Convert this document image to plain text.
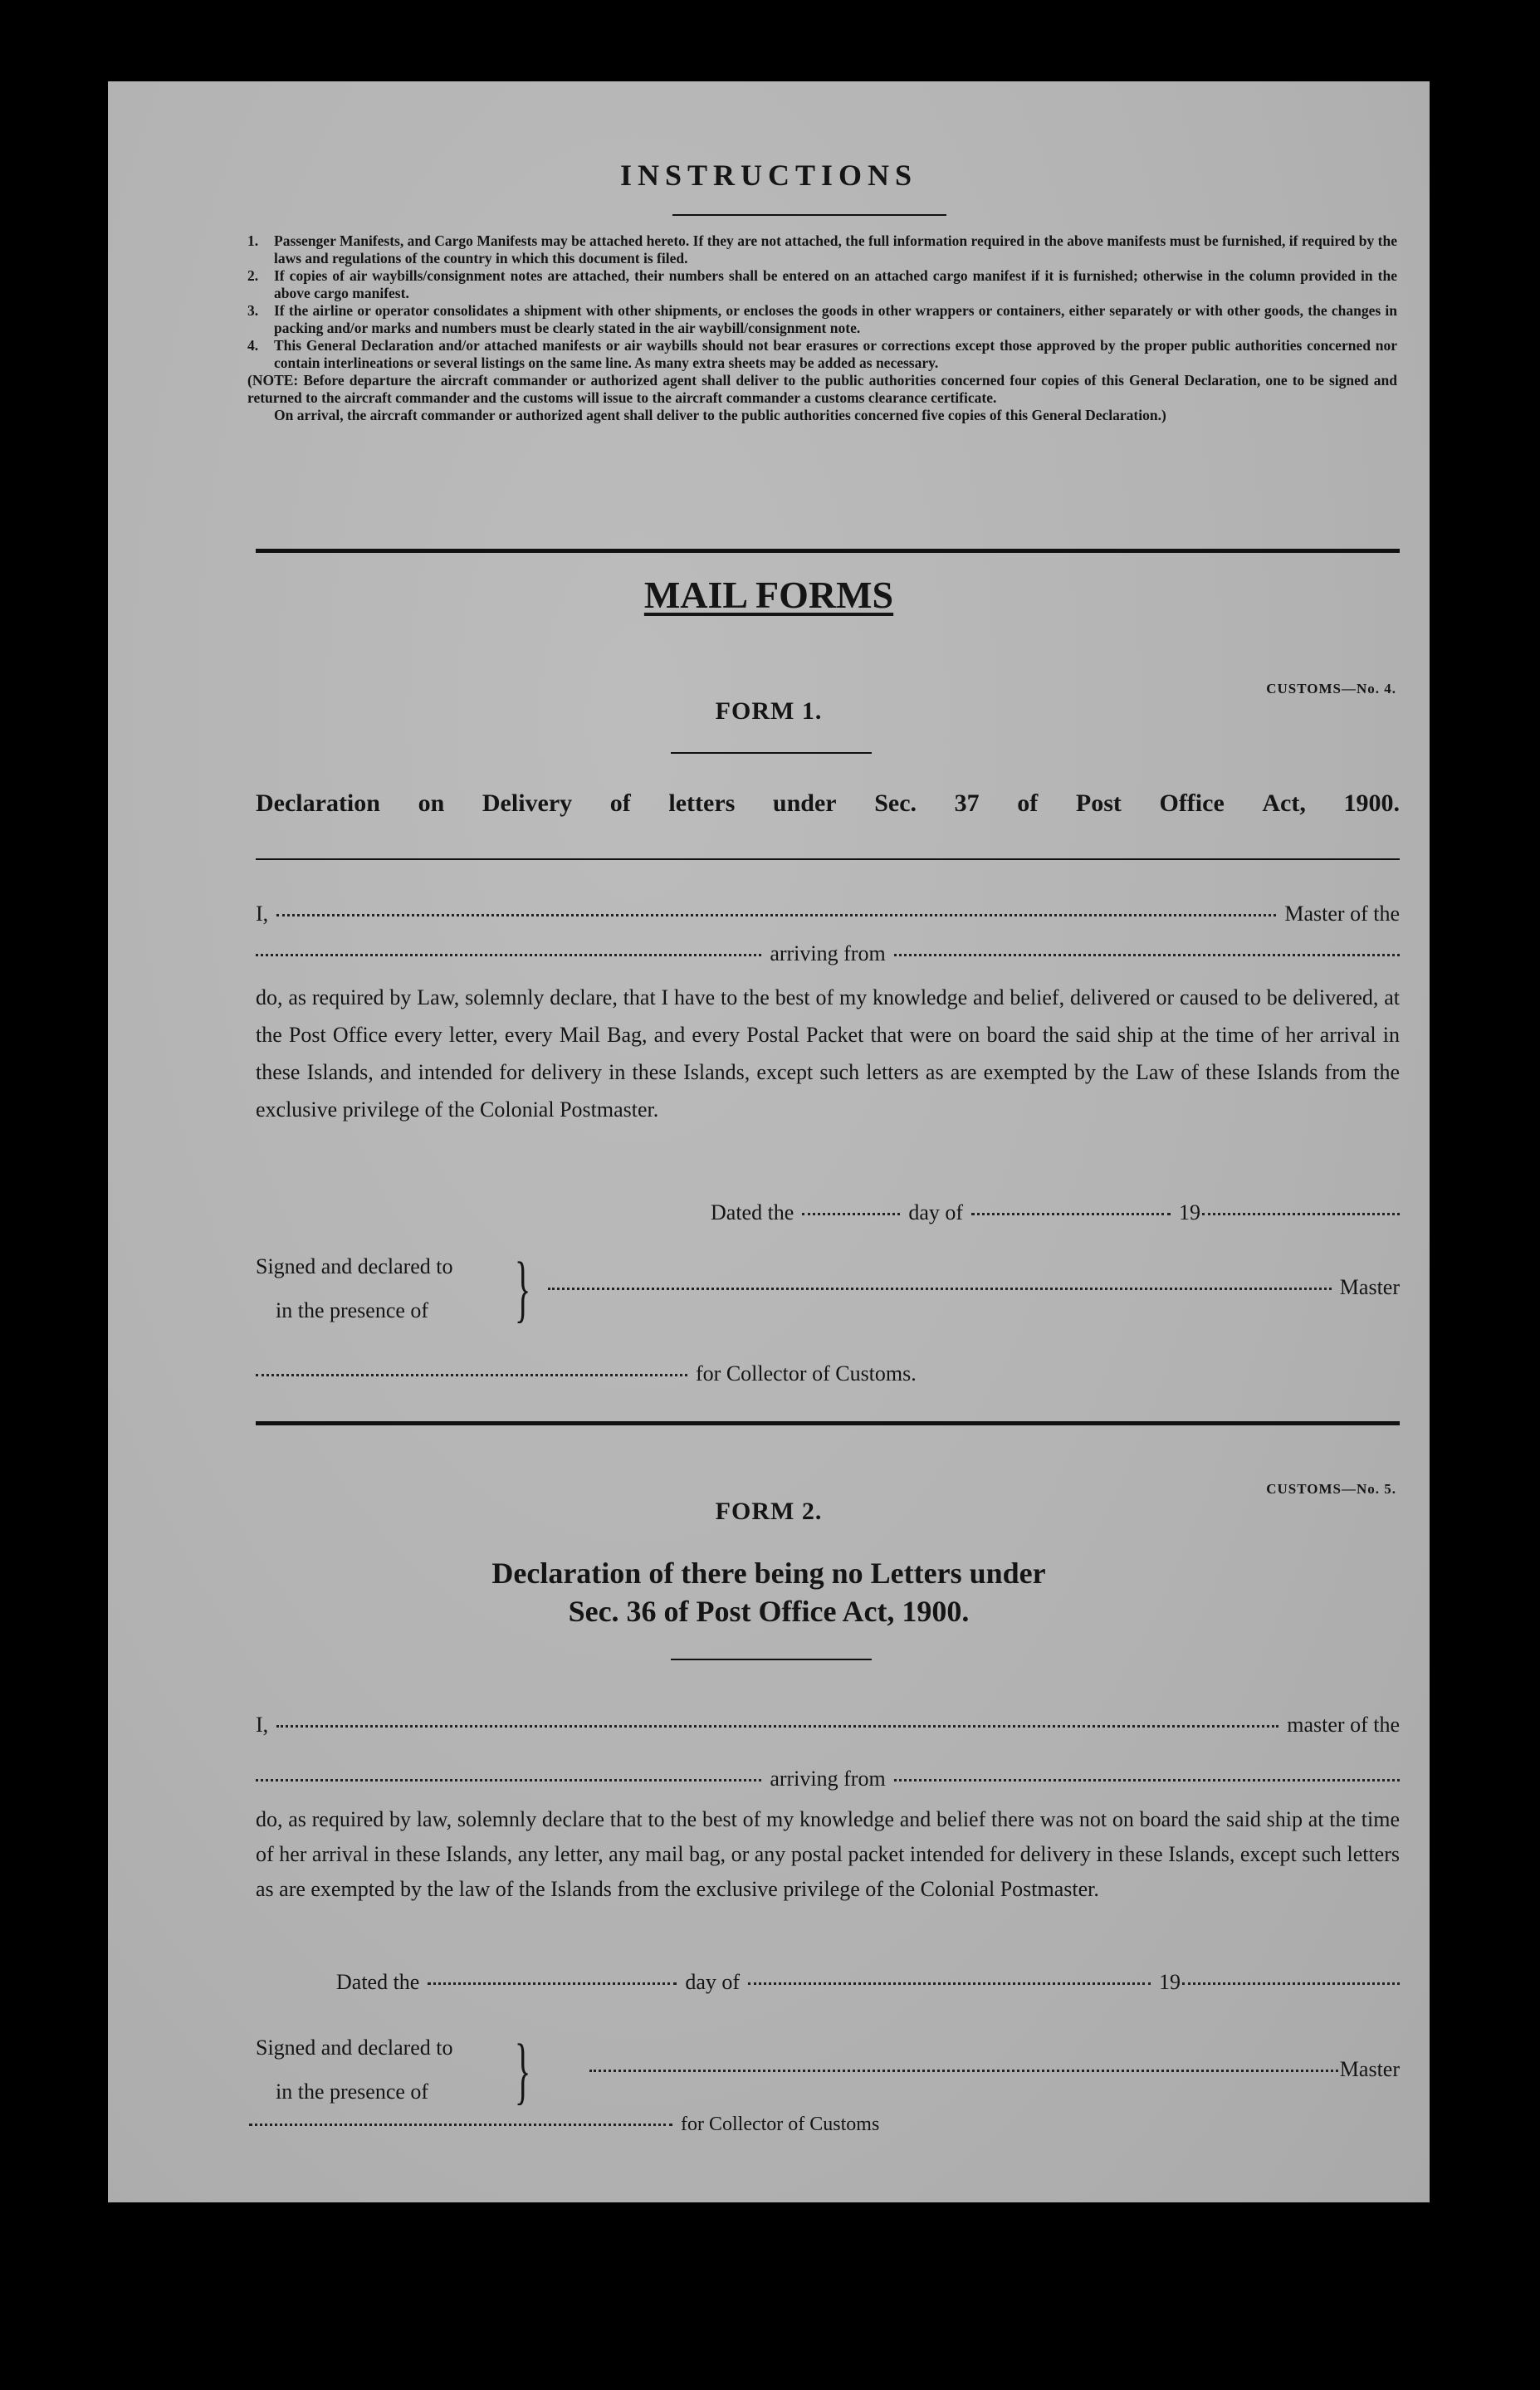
INSTRUCTIONS
1.	Passenger Manifests, and Cargo Manifests may be attached hereto. If they are not attached, the full information required in the above manifests must be furnished, if required by the laws and regulations of the country in which this document is filed.
2.	If copies of air waybills/consignment notes are attached, their numbers shall be entered on an attached cargo manifest if it is furnished; otherwise in the column provided in the above cargo manifest.
3.	If the airline or operator consolidates a shipment with other shipments, or encloses the goods in other wrappers or containers, either separately or with other goods, the changes in packing and/or marks and numbers must be clearly stated in the air waybill/consignment note.
4.	This General Declaration and/or attached manifests or air waybills should not bear erasures or corrections except those approved by the proper public authorities concerned nor contain interlineations or several listings on the same line. As many extra sheets may be added as necessary.
(NOTE: Before departure the aircraft commander or authorized agent shall deliver to the public authorities concerned four copies of this General Declaration, one to be signed and returned to the aircraft commander and the customs will issue to the aircraft commander a customs clearance certificate.
On arrival, the aircraft commander or authorized agent shall deliver to the public authorities concerned five copies of this General Declaration.)
MAIL FORMS
CUSTOMS—No. 4.
FORM 1.
Declaration on Delivery of letters under Sec. 37 of Post Office Act, 1900.
I,	Master of the
arriving from
do, as required by Law, solemnly declare, that I have to the best of my knowledge and belief, delivered or caused to be delivered, at the Post Office every letter, every Mail Bag, and every Postal Packet that were on board the said ship at the time of her arrival in these Islands, and intended for delivery in these Islands, except such letters as are exempted by the Law of these Islands from the exclusive privilege of the Colonial Postmaster.
Dated the	day of	19
Signed and declared to
in the presence of	}	Master
for Collector of Customs.
CUSTOMS—No. 5.
FORM 2.
Declaration of there being no Letters under
Sec. 36 of Post Office Act, 1900.
I,	master of the
arriving from
do, as required by law, solemnly declare that to the best of my knowledge and belief there was not on board the said ship at the time of her arrival in these Islands, any letter, any mail bag, or any postal packet intended for delivery in these Islands, except such letters as are exempted by the law of the Islands from the exclusive privilege of the Colonial Postmaster.
Dated the	day of	19
Signed and declared to
in the presence of	}	Master
for Collector of Customs
